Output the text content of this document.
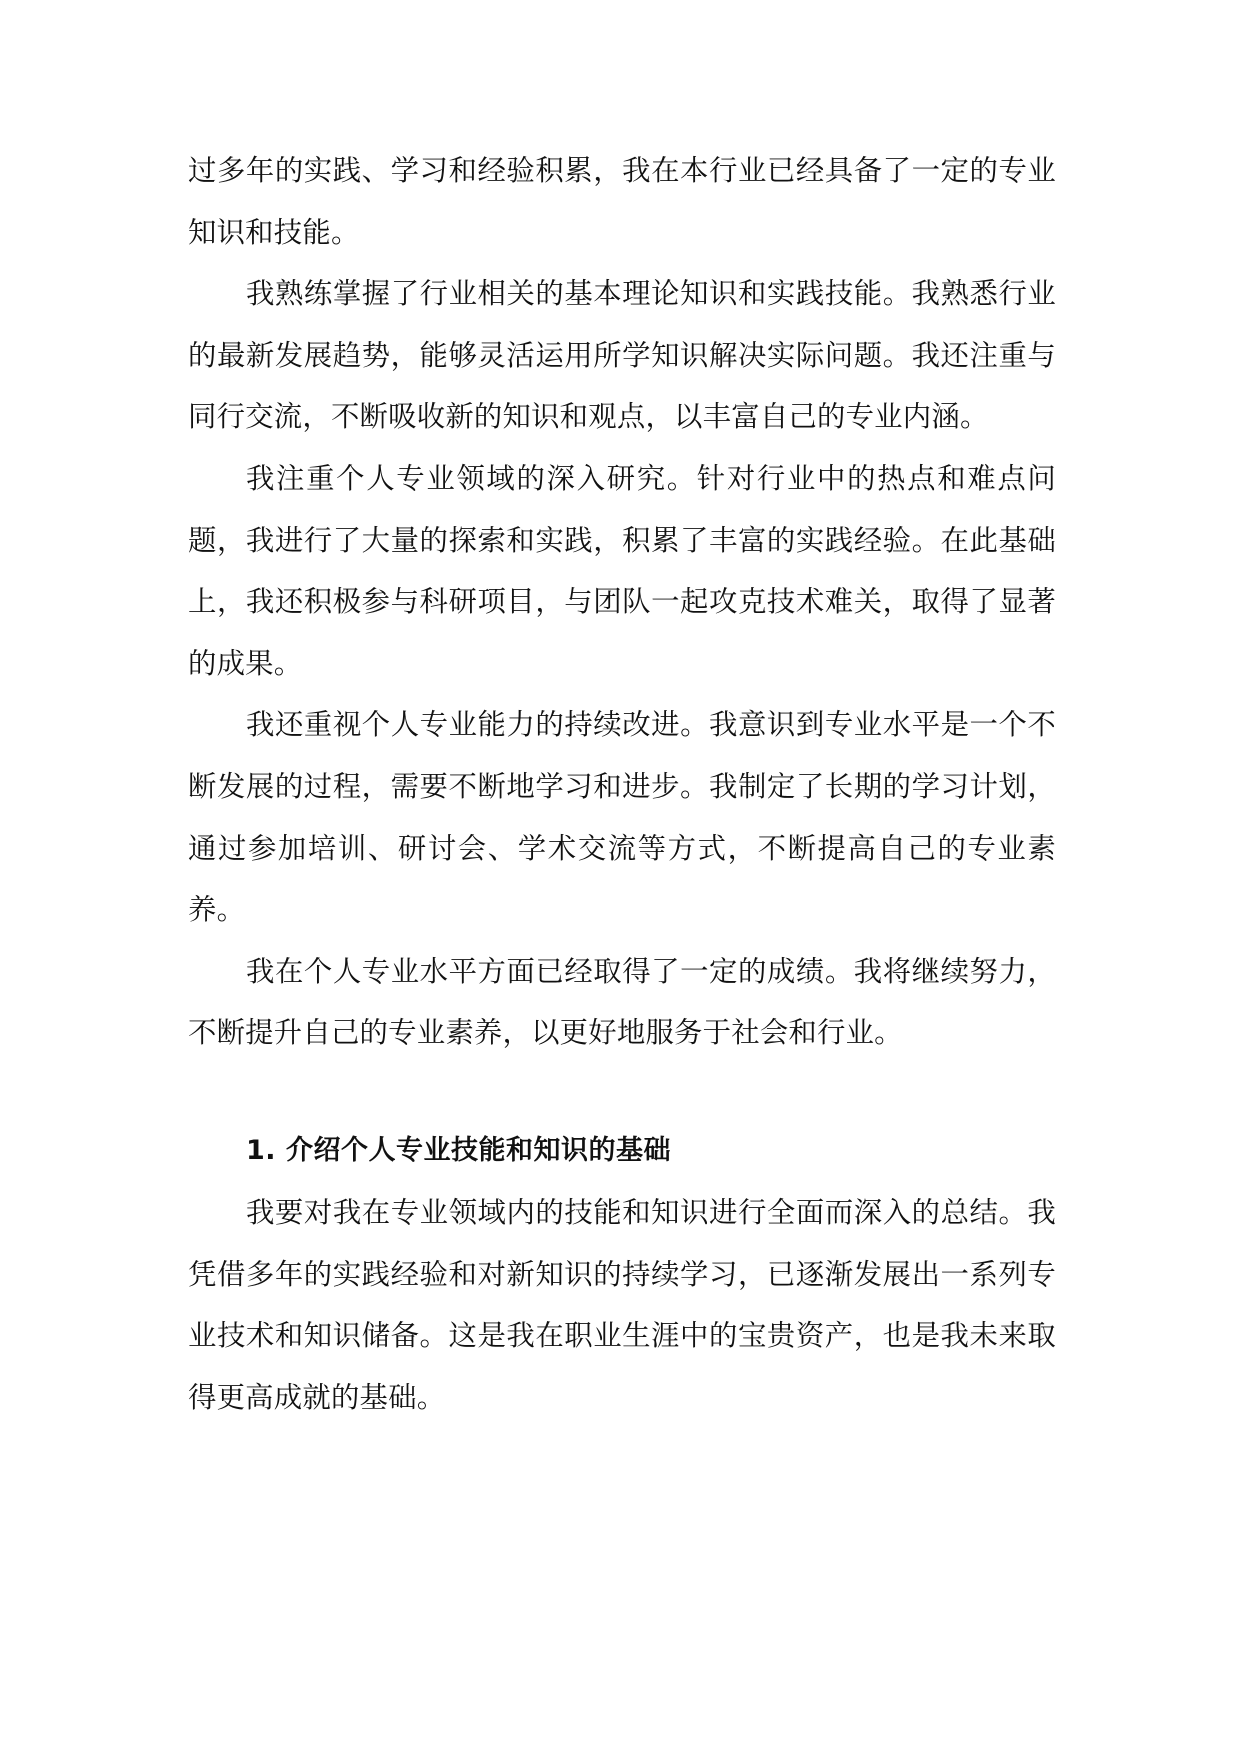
过多年的实践、学习和经验积累，我在本行业已经具备了一定的专业知识和技能。

我熟练掌握了行业相关的基本理论知识和实践技能。我熟悉行业的最新发展趋势，能够灵活运用所学知识解决实际问题。我还注重与同行交流，不断吸收新的知识和观点，以丰富自己的专业内涵。

我注重个人专业领域的深入研究。针对行业中的热点和难点问题，我进行了大量的探索和实践，积累了丰富的实践经验。在此基础上，我还积极参与科研项目，与团队一起攻克技术难关，取得了显著的成果。

我还重视个人专业能力的持续改进。我意识到专业水平是一个不断发展的过程，需要不断地学习和进步。我制定了长期的学习计划，通过参加培训、研讨会、学术交流等方式，不断提高自己的专业素养。

我在个人专业水平方面已经取得了一定的成绩。我将继续努力，不断提升自己的专业素养，以更好地服务于社会和行业。

1. 介绍个人专业技能和知识的基础

我要对我在专业领域内的技能和知识进行全面而深入的总结。我凭借多年的实践经验和对新知识的持续学习，已逐渐发展出一系列专业技术和知识储备。这是我在职业生涯中的宝贵资产，也是我未来取得更高成就的基础。
